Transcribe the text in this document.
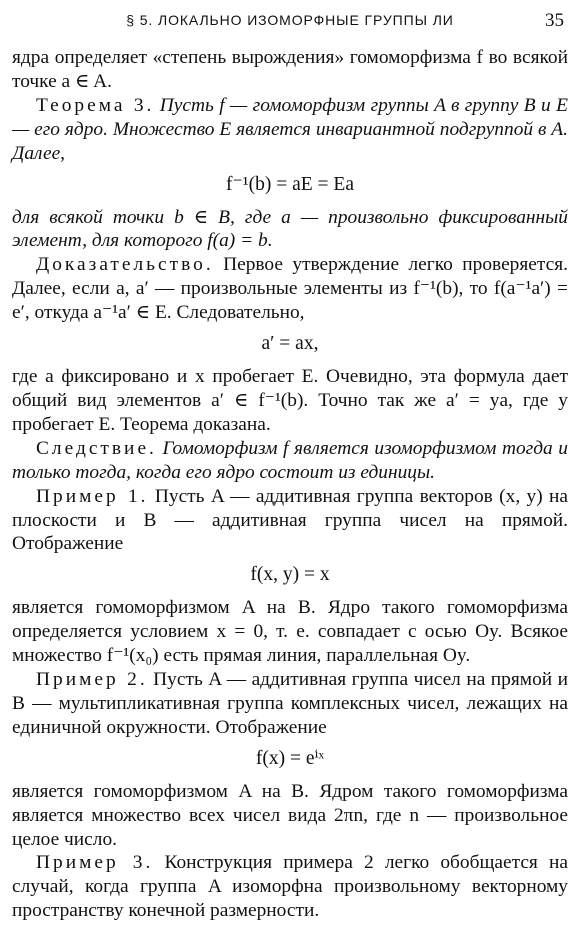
§ 5. ЛОКАЛЬНО ИЗОМОРФНЫЕ ГРУППЫ ЛИ	35

ядра определяет «степень вырождения» гомоморфизма f во всякой точке a ∈ A.

Теорема 3. Пусть f — гомоморфизм группы A в группу B и E — его ядро. Множество E является инвариантной подгруппой в A. Далее,

f⁻¹(b) = aE = Ea

для всякой точки b ∈ B, где a — произвольно фиксированный элемент, для которого f(a) = b.

Доказательство. Первое утверждение легко проверяется. Далее, если a, a′ — произвольные элементы из f⁻¹(b), то f(a⁻¹a′) = e′, откуда a⁻¹a′ ∈ E. Следовательно,

a′ = ax,

где a фиксировано и x пробегает E. Очевидно, эта формула дает общий вид элементов a′ ∈ f⁻¹(b). Точно так же a′ = ya, где y пробегает E. Теорема доказана.

Следствие. Гомоморфизм f является изоморфизмом тогда и только тогда, когда его ядро состоит из единицы.

Пример 1. Пусть A — аддитивная группа векторов (x, y) на плоскости и B — аддитивная группа чисел на прямой. Отображение

f(x, y) = x

является гомоморфизмом A на B. Ядро такого гомоморфизма определяется условием x = 0, т. е. совпадает с осью Oy. Всякое множество f⁻¹(x₀) есть прямая линия, параллельная Oy.

Пример 2. Пусть A — аддитивная группа чисел на прямой и B — мультипликативная группа комплексных чисел, лежащих на единичной окружности. Отображение

f(x) = eⁱˣ

является гомоморфизмом A на B. Ядром такого гомоморфизма является множество всех чисел вида 2πn, где n — произвольное целое число.

Пример 3. Конструкция примера 2 легко обобщается на случай, когда группа A изоморфна произвольному векторному пространству конечной размерности.
